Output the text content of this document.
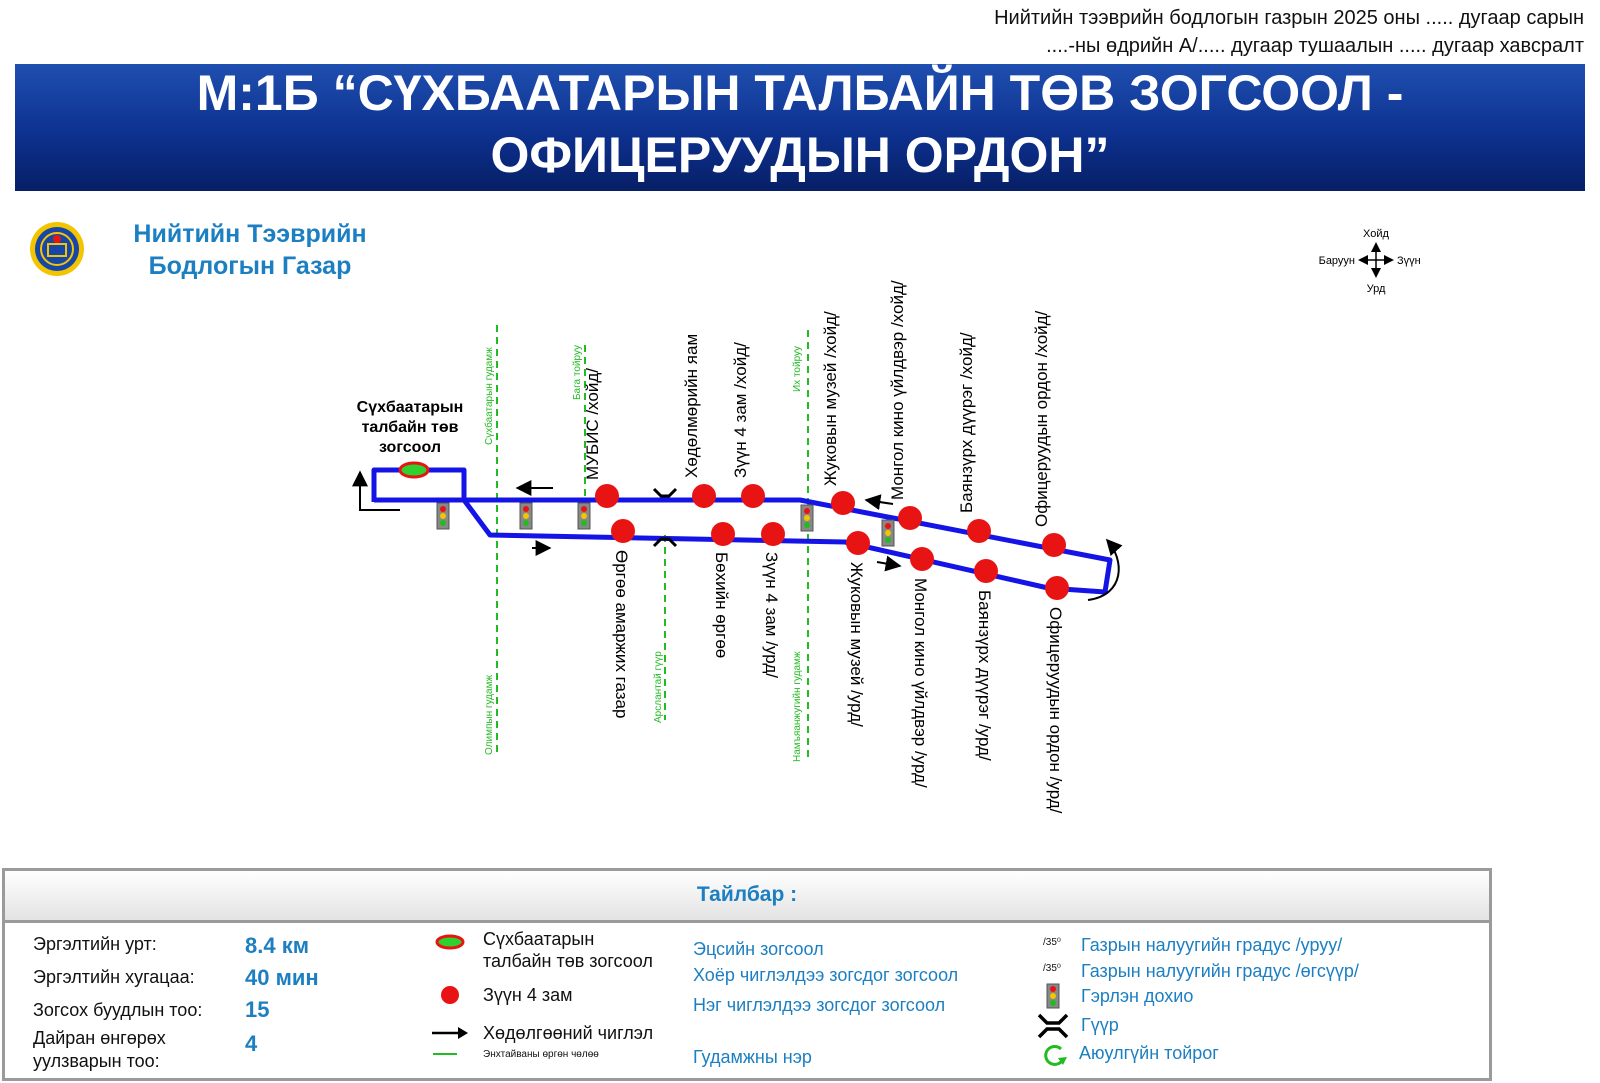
Нийтийн тээврийн бодлогын газрын 2025 оны ..... дугаар сарын
....-ны өдрийн А/..... дугаар тушаалын ..... дугаар хавсралт
М:1Б “СҮХБААТАРЫН ТАЛБАЙН ТӨВ ЗОГСООЛ -
ОФИЦЕРУУДЫН ОРДОН”
Нийтийн Тээврийн
Бодлогын Газар
Хойд
Урд
Баруун	Зүүн
Сүхбаатарын гудамж	Бага тойруу	Их тойруу
Олимпын гудамж	Арслантай гүүр	Намъяанжугийн гудамж
Сүхбаатарын
талбайн төв
зогсоол	МУБИС /хойд/	Хөдөлмөрийн яам Зүүн 4 зам /хойд/	Жуковын музей /хойд/	Монгол кино үйлдвэр /хойд/	Баянзүрх дүүрэг /хойд/	Офицеруудын ордон /хойд/
Өргөө амаржих газар	Бөхийн өргөө Зүүн 4 зам /урд/	Жуковын музей /урд/	Монгол кино үйлдвэр /урд/	Баянзүрх дүүрэг /урд/	Офицеруудын ордон /урд/
Тайлбар :
Эргэлтийн урт:	8.4 км
Эргэлтийн хугацаа: 40 мин
Зогсох буудлын тоо: 15
Дайран өнгөрөх
уулзварын тоо:
4
Сүхбаатарын
талбайн төв зогсоол
Зүүн 4 зам
Хөдөлгөөний чиглэл
Энхтайваны өргөн чөлөө
Эцсийн зогсоол
Хоёр чиглэлдээ зогсдог зогсоол
Нэг чиглэлдээ зогсдог зогсоол
Гудамжны нэр
/35⁰ Газрын налуугийн градус /уруу/
/35⁰ Газрын налуугийн градус /өгсүүр/
Гэрлэн дохио
Гүүр
Аюулгүйн тойрог
